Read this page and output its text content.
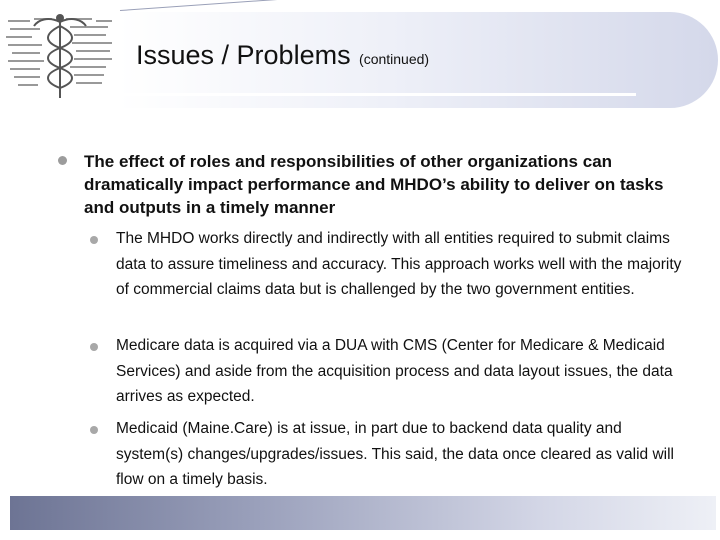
Issues / Problems (continued)
The effect of roles and responsibilities of other organizations can dramatically impact performance and MHDO’s ability to deliver on tasks and outputs in a timely manner
The MHDO works directly and indirectly with all entities required to submit claims data to assure timeliness and accuracy. This approach works well with the majority of commercial claims data but is challenged by the two government entities.
Medicare data is acquired via a DUA with CMS (Center for Medicare & Medicaid Services) and aside from the acquisition process and data layout issues, the data arrives as expected.
Medicaid (Maine.Care) is at issue, in part due to backend data quality and system(s) changes/upgrades/issues. This said, the data once cleared as valid will flow on a timely basis.
